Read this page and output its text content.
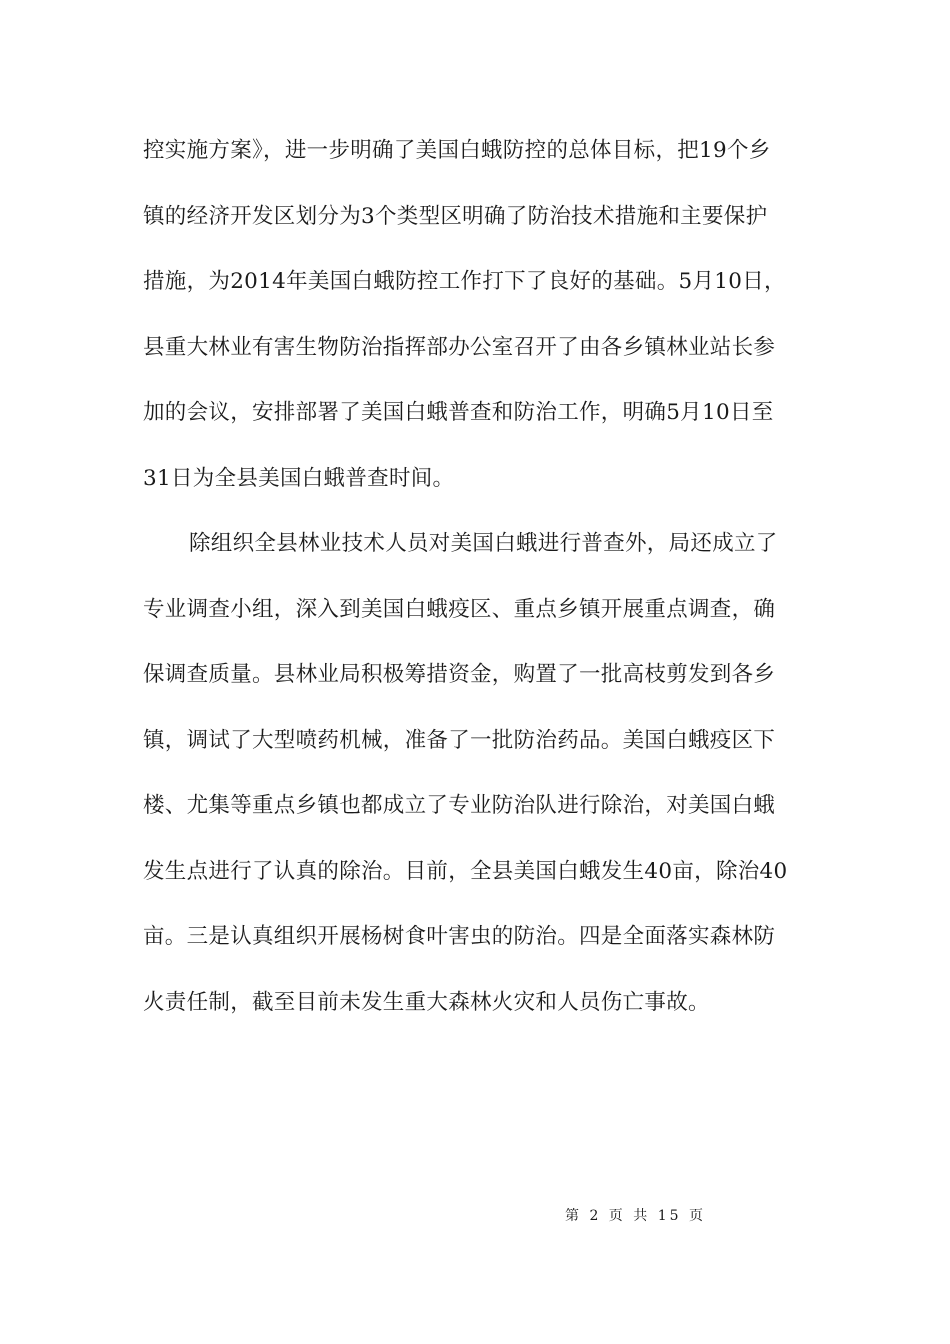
控实施方案》，进一步明确了美国白蛾防控的总体目标，把19个乡
镇的经济开发区划分为3个类型区明确了防治技术措施和主要保护
措施，为2014年美国白蛾防控工作打下了良好的基础。5月10日，
县重大林业有害生物防治指挥部办公室召开了由各乡镇林业站长参
加的会议，安排部署了美国白蛾普查和防治工作，明确5月10日至
31日为全县美国白蛾普查时间。
除组织全县林业技术人员对美国白蛾进行普查外，局还成立了
专业调查小组，深入到美国白蛾疫区、重点乡镇开展重点调查，确
保调查质量。县林业局积极筹措资金，购置了一批高枝剪发到各乡
镇，调试了大型喷药机械，准备了一批防治药品。美国白蛾疫区下
楼、尤集等重点乡镇也都成立了专业防治队进行除治，对美国白蛾
发生点进行了认真的除治。目前，全县美国白蛾发生40亩，除治40
亩。三是认真组织开展杨树食叶害虫的防治。四是全面落实森林防
火责任制，截至目前未发生重大森林火灾和人员伤亡事故。
第 2 页 共 15 页
